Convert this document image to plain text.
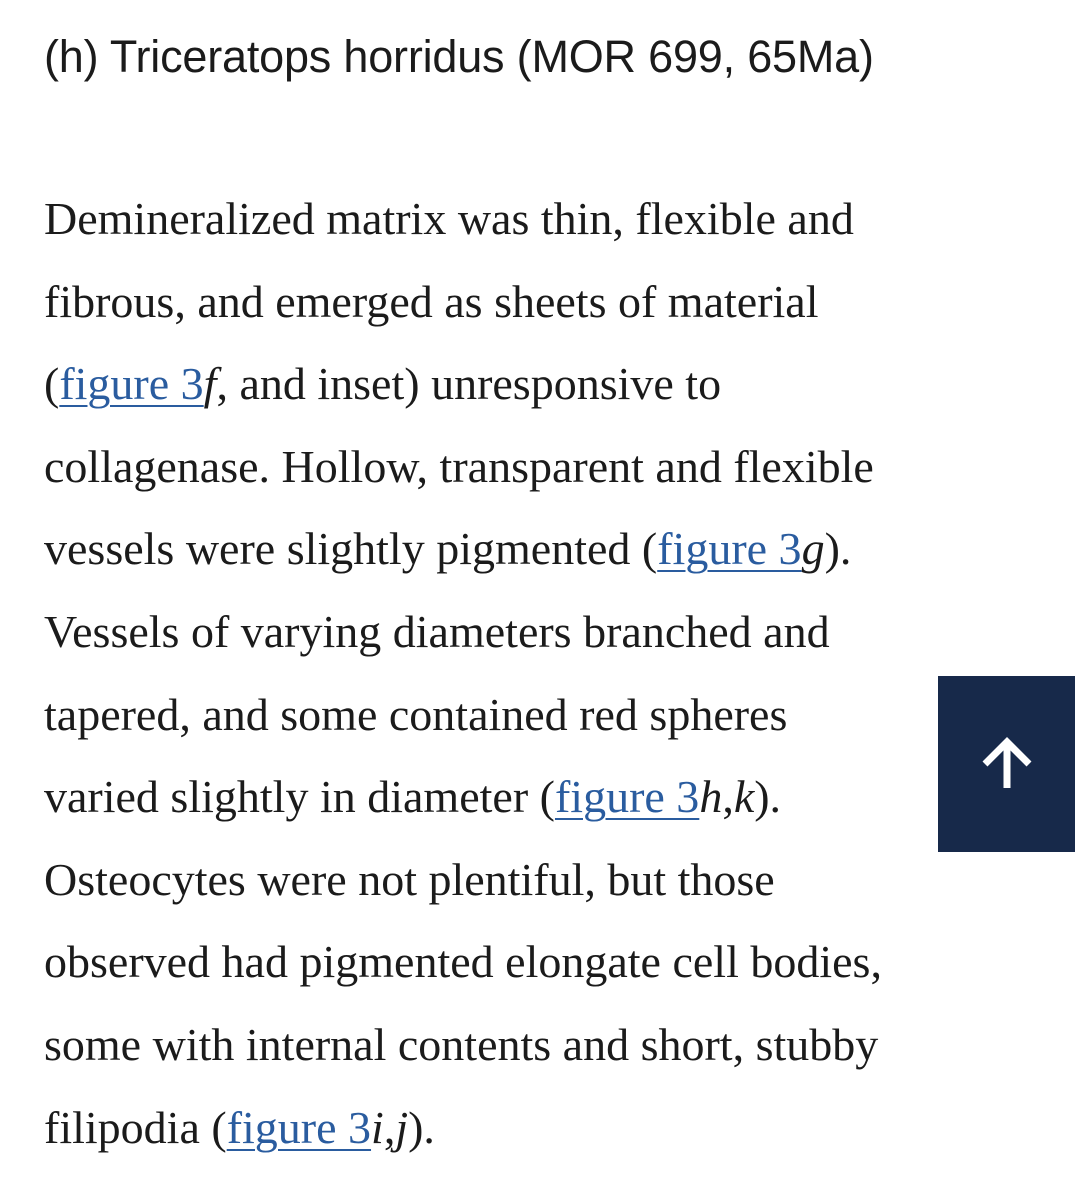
(h) Triceratops horridus (MOR 699, 65Ma)

Demineralized matrix was thin, flexible and
fibrous, and emerged as sheets of material
(figure 3f, and inset) unresponsive to
collagenase. Hollow, transparent and flexible
vessels were slightly pigmented (figure 3g).
Vessels of varying diameters branched and
tapered, and some contained red spheres
varied slightly in diameter (figure 3h,k).
Osteocytes were not plentiful, but those
observed had pigmented elongate cell bodies,
some with internal contents and short, stubby
filipodia (figure 3i,j).
